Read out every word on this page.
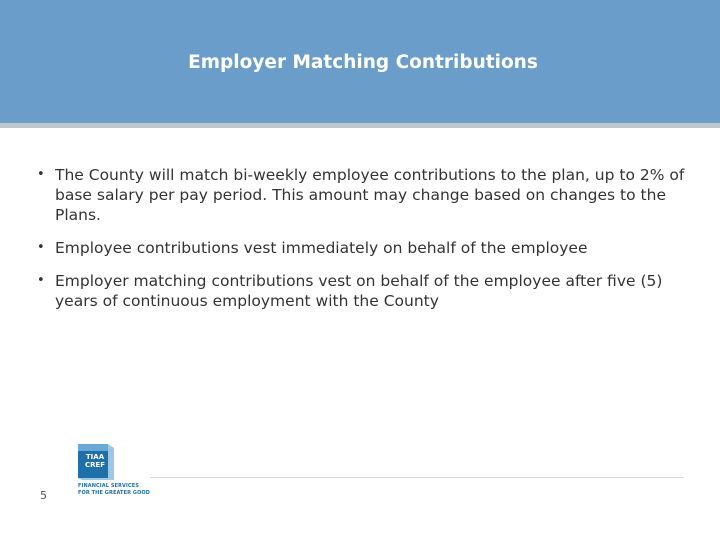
Employer Matching Contributions
• The County will match bi-weekly employee contributions to the plan, up to 2% of base salary per pay period. This amount may change based on changes to the Plans.
• Employee contributions vest immediately on behalf of the employee
• Employer matching contributions vest on behalf of the employee after five (5) years of continuous employment with the County
TIAA
CREF
FINANCIAL SERVICES
FOR THE GREATER GOOD
5
